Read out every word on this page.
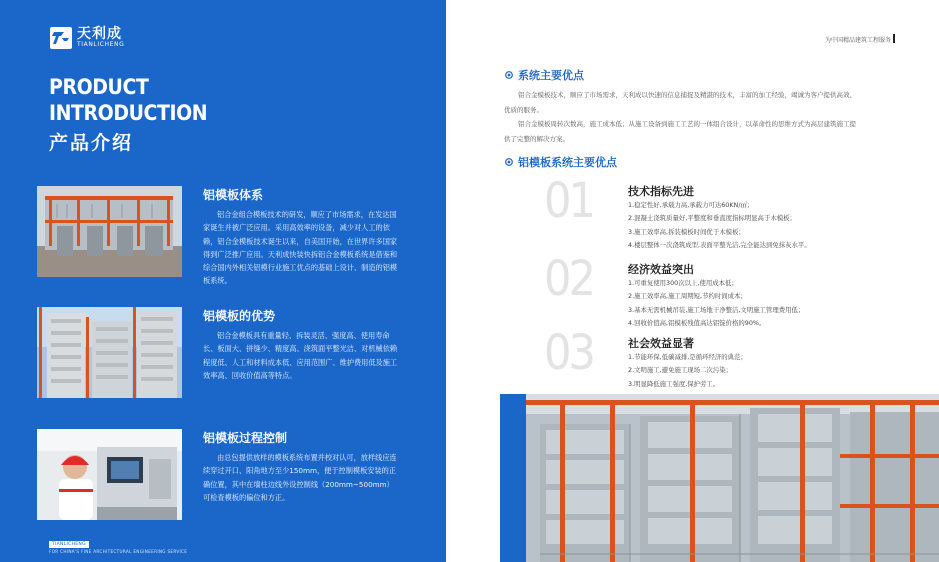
天利成
TIANLICHENG
PRODUCT
INTRODUCTION
产品介绍
铝模板体系
铝合金组合模板技术的研发，顺应了市场需求，在发达国家诞生并被广泛应用。采用高效率的设备，减少对人工的依赖，铝合金模板技术诞生以来，自美国开始，在世界许多国家得到广泛推广应用。天利成快装快拆铝合金模板系统是借鉴和综合国内外相关铝模行业施工优点的基础上设计、制造的铝模板系统。
铝模板的优势
铝合金模板具有重量轻、拆装灵活、强度高、使用寿命长、板面大、拼缝少、精度高、浇筑面平整光洁、对机械依赖程度低、人工和材料成本低、应用范围广、维护费用低及施工效率高、回收价值高等特点。
铝模板过程控制
由总包提供放样的模板系统布置并校对认可，放样线应连续穿过开口、阳角地方至少150mm，便于控制模板安装的正确位置，其中在墙柱边线外设控制线（200mm~500mm）可检查模板的偏位和方正。
TIANLICHENG
FOR CHINA'S FINE ARCHITECTURAL ENGINEERING SERVICE
为中国精品建筑工程服务
系统主要优点

铝合金模板技术，顺应了市场需求，天利成以快速的信息捕捉及精湛的技术，丰富的加工经验，竭诚为客户提供高效、优质的服务。

铝合金模板周转次数高，施工成本低；从施工设备到施工工艺的一体组合设计，以革命性的思维方式为高层建筑施工提供了完整的解决方案。

铝模板系统主要优点
01	技术指标先进
1.稳定性好,承载力高,承载力可达60KN/㎡；
2.混凝土浇筑质量好,平整度和垂直度指标明显高于木模板；
3.施工效率高,拆装模板时间优于木模板；
4.楼层整体一次浇筑成型,表面平整光洁,完全能达到免抹灰水平。
02	经济效益突出
1.可重复使用300次以上,使用成本低；
2.施工效率高,施工周期短,节约时间成本；
3.基本无需机械吊装,施工场地干净整洁,文明施工管理费用低；
4.回收价值高,铝模板残值高达铝锭价格的90%。
03	社会效益显著
1.节能环保,低碳减排,是循环经济的典范；
2.文明施工,避免施工现场二次污染；
3.明显降低施工强度,保护劳工。
